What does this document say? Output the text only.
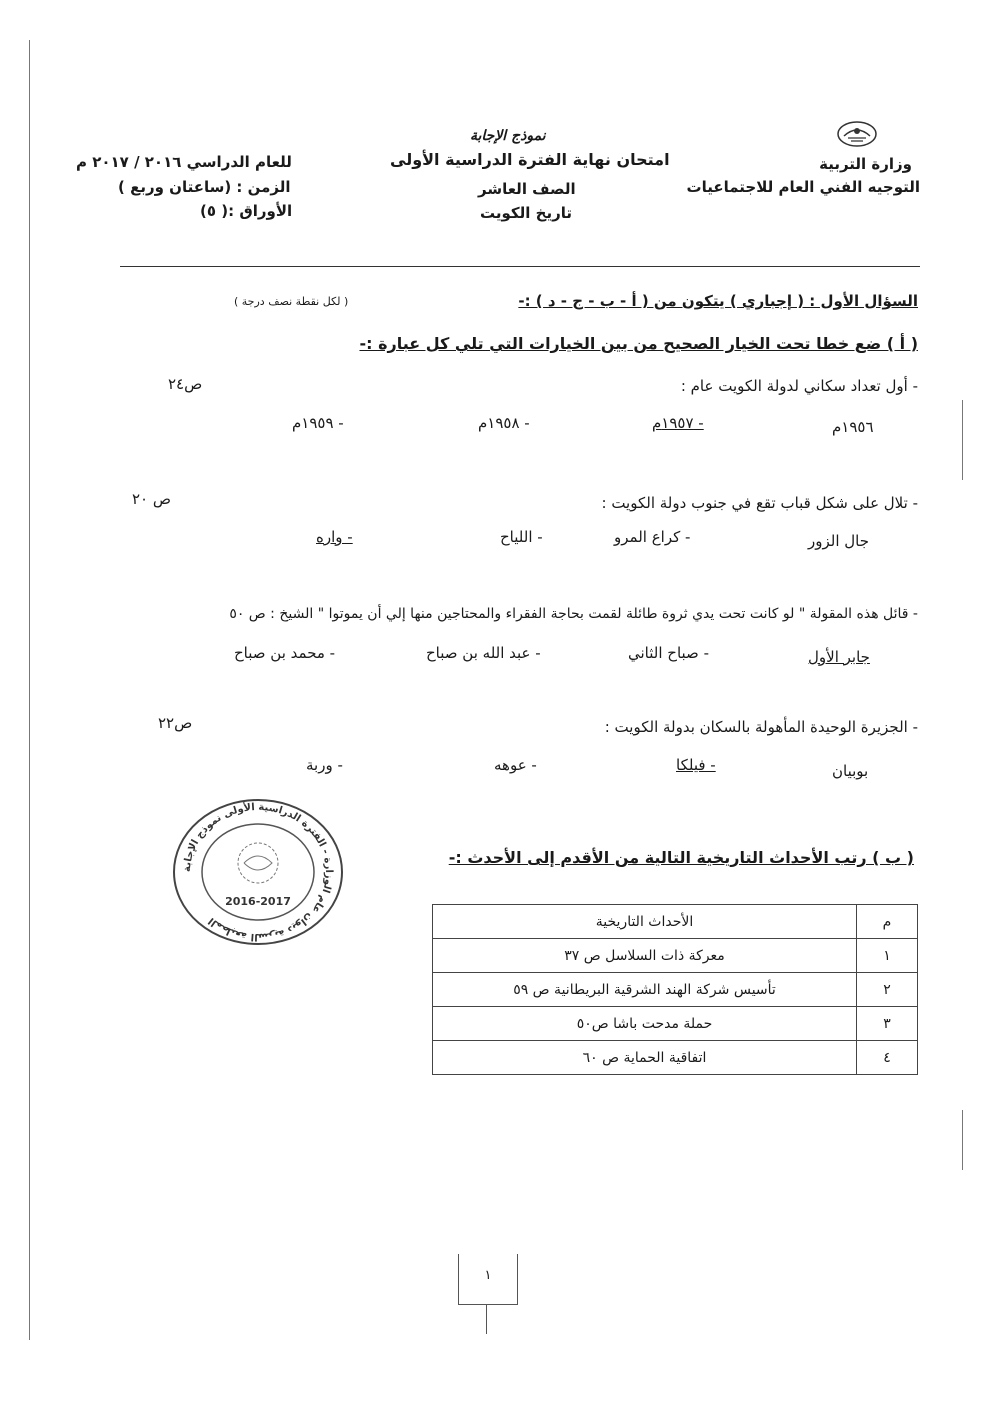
وزارة التربية
التوجيه الفني العام للاجتماعيات
نموذج الإجابة
امتحان نهاية الفترة الدراسية الأولى
الصف العاشر
تاريخ الكويت
للعام الدراسي ٢٠١٦ / ٢٠١٧ م
الزمن : (ساعتان وربع )
الأوراق :( ٥)
السؤال الأول : ( إجباري ) يتكون من ( أ - ب - ج - د ) :-
( لكل نقطة نصف درجة )
( أ ) ضع خطا تحت الخيار الصحيح من بين الخيارات التي تلي كل عبارة :-
- أول تعداد سكاني لدولة الكويت عام :
ص٢٤
١٩٥٦م
- ١٩٥٧م
- ١٩٥٨م
- ١٩٥٩م
- تلال على شكل قباب تقع في جنوب دولة الكويت :
ص ٢٠
جال الزور
- كراع المرو
- اللياح
- واره
- قائل هذه المقولة " لو كانت تحت يدي ثروة طائلة لقمت بحاجة الفقراء والمحتاجين منها إلي أن يموتوا " الشيخ : ص ٥٠
جابر الأول
- صباح الثاني
- عبد الله بن صباح
- محمد بن صباح
- الجزيرة الوحيدة المأهولة بالسكان بدولة الكويت :
ص٢٢
بوبيان
- فيلكا
- عوهه
- وربة
المطبعة السرية ديوان عام الوزارة - الفترة الدراسية الأولى نموذج الإجابة
2016-2017
( ب ) رتب الأحداث التاريخية التالية من الأقدم إلى الأحدث :-
م	الأحداث التاريخية
١	معركة ذات السلاسل ص ٣٧
٢	تأسيس شركة الهند الشرقية البريطانية ص ٥٩
٣	حملة مدحت باشا ص٥٠
٤	اتفاقية الحماية ص ٦٠
١
